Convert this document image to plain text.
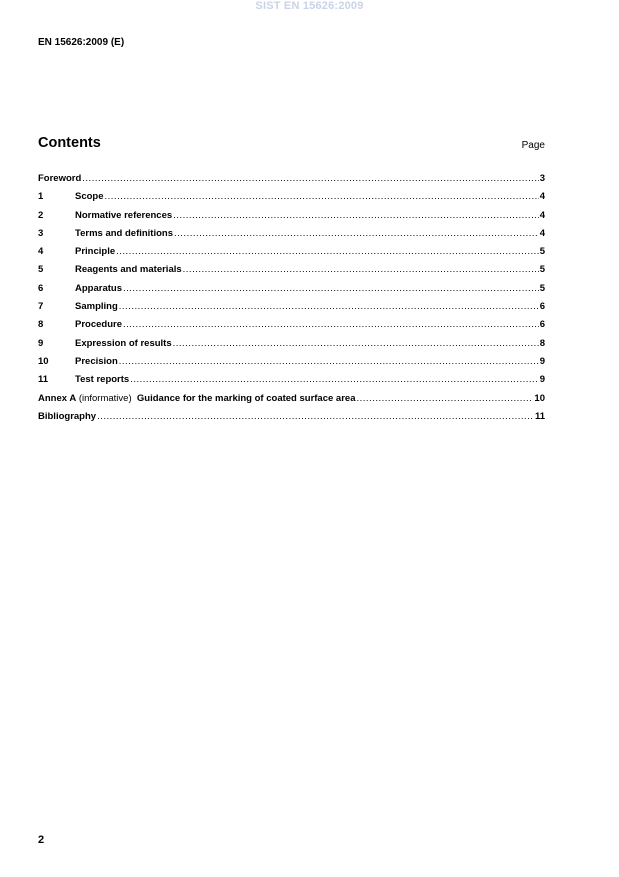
SIST EN 15626:2009
EN 15626:2009 (E)
Contents	Page
Foreword .....	3
1	Scope .....	4
2	Normative references .....	4
3	Terms and definitions .....	4
4	Principle .....	5
5	Reagents and materials .....	5
6	Apparatus .....	5
7	Sampling .....	6
8	Procedure .....	6
9	Expression of results .....	8
10	Precision .....	9
11	Test reports .....	9
Annex A (informative)  Guidance for the marking of coated surface area .....	10
Bibliography .....	11
2
